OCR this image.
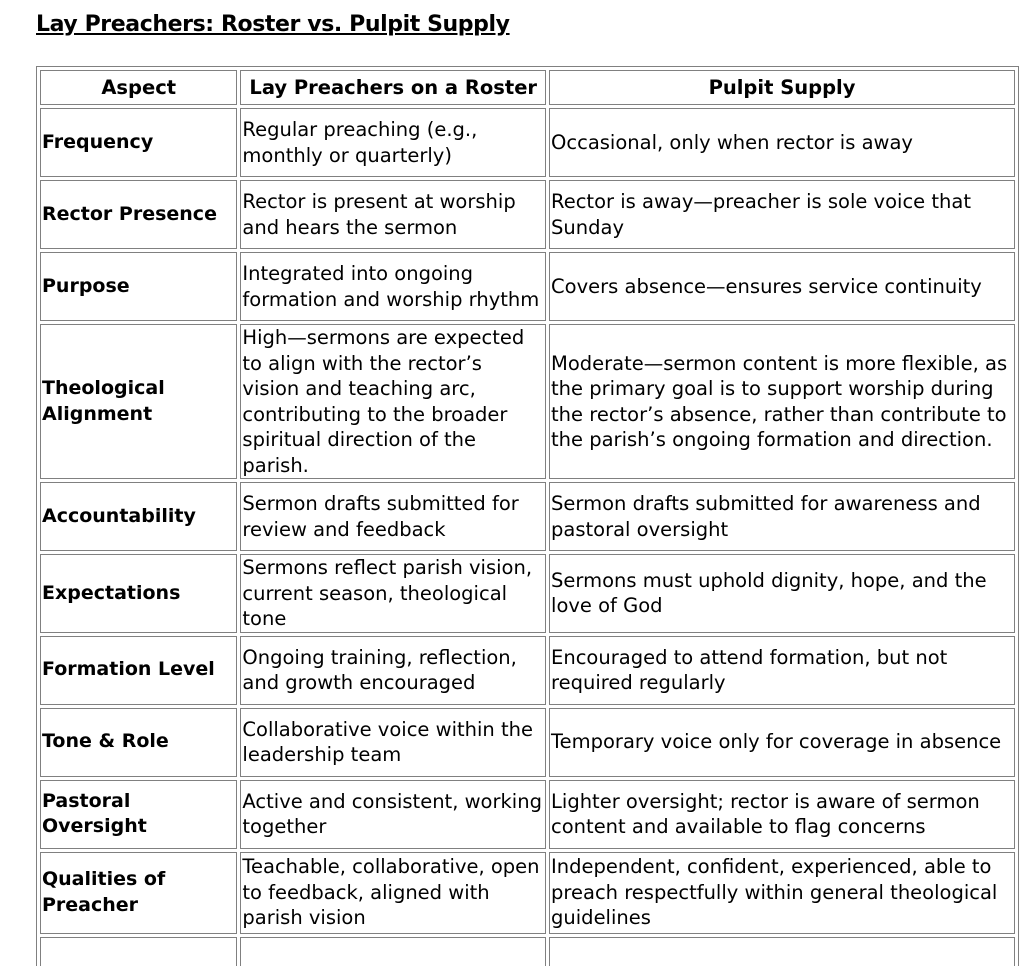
Lay Preachers: Roster vs. Pulpit Supply
Aspect	Lay Preachers on a Roster	Pulpit Supply
Frequency	Regular preaching (e.g., monthly or quarterly)	Occasional, only when rector is away
Rector Presence	Rector is present at worship and hears the sermon	Rector is away—preacher is sole voice that Sunday
Purpose	Integrated into ongoing formation and worship rhythm	Covers absence—ensures service continuity
Theological Alignment	High—sermons are expected to align with the rector’s vision and teaching arc, contributing to the broader spiritual direction of the parish.	Moderate—sermon content is more flexible, as the primary goal is to support worship during the rector’s absence, rather than contribute to the parish’s ongoing formation and direction.
Accountability	Sermon drafts submitted for review and feedback	Sermon drafts submitted for awareness and pastoral oversight
Expectations	Sermons reflect parish vision, current season, theological tone	Sermons must uphold dignity, hope, and the love of God
Formation Level	Ongoing training, reflection, and growth encouraged	Encouraged to attend formation, but not required regularly
Tone & Role	Collaborative voice within the leadership team	Temporary voice only for coverage in absence
Pastoral Oversight	Active and consistent, working together	Lighter oversight; rector is aware of sermon content and available to flag concerns
Qualities of Preacher	Teachable, collaborative, open to feedback, aligned with parish vision	Independent, confident, experienced, able to preach respectfully within general theological guidelines
